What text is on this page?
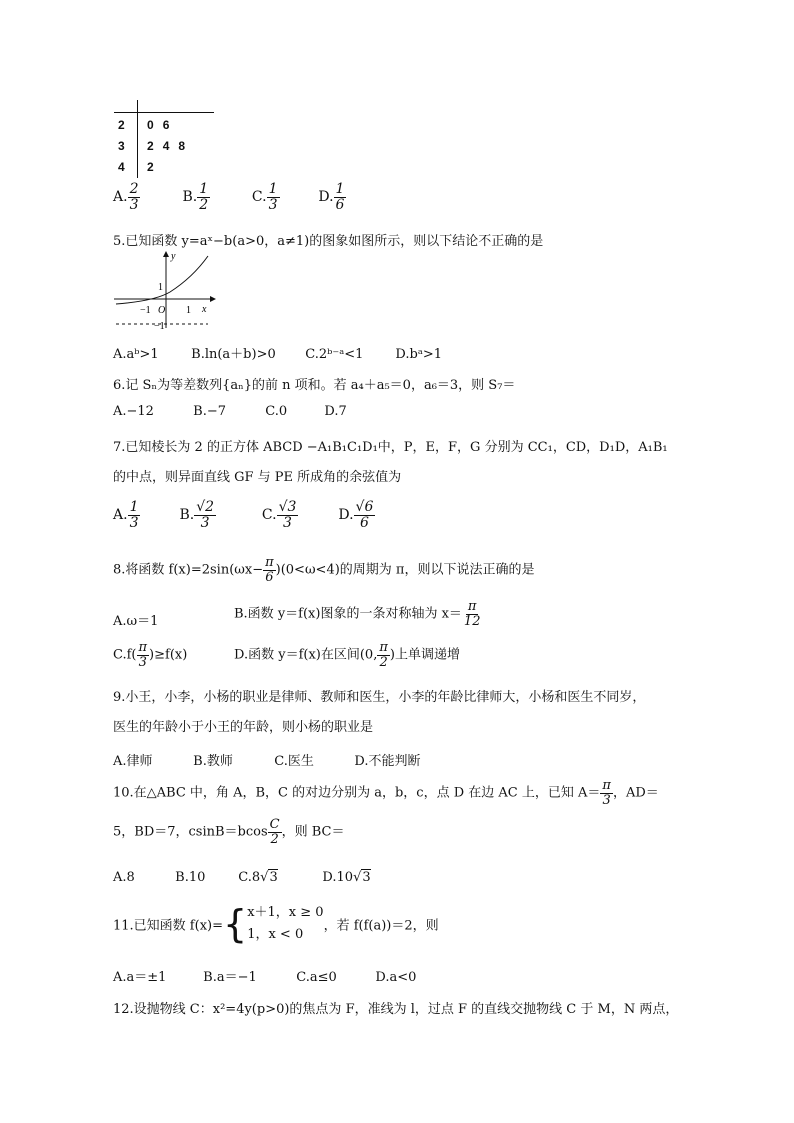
2	0	6	
3	2	4	8
4	2		
A. $\frac{2}{3}$	B. $\frac{1}{2}$	C. $\frac{1}{3}$	D. $\frac{1}{6}$
5.已知函数 y=aˣ−b(a>0，a≠1)的图象如图所示，则以下结论不正确的是
y
x
1
−1 O 1
−1
A.aᵇ>1	B.ln(a＋b)>0 C.2ᵇ⁻ᵃ<1 D.bᵃ>1
6.记 Sₙ为等差数列{aₙ}的前 n 项和。若 a₄＋a₅＝0，a₆＝3，则 S₇＝
A.−12	B.−7	C.0	D.7
7.已知棱长为 2 的正方体 ABCD −A₁B₁C₁D₁中，P，E，F，G 分别为 CC₁，CD，D₁D，A₁B₁
的中点，则异面直线 GF 与 PE 所成角的余弦值为
A. $\frac{1}{3}$	B. $\frac{√2}{3}$	C. $\frac{√3}{3}$	D. $\frac{√6}{6}$
8.将函数 $f(x)=2\sin(\omega x- \frac{\pi}{6} )(0<\omega<4)$的周期为 π，则以下说法正确的是
A.ω＝1	B.函数 y＝f(x)图象的一条对称轴为 $x= \frac{\pi}{12}$
$C.f( \frac{\pi}{3} )\ge f(x)$	D.函数 y＝f(x)在区间(0, $\frac{\pi}{2}$ )上单调递增
9.小王，小李，小杨的职业是律师、教师和医生，小李的年龄比律师大，小杨和医生不同岁，
医生的年龄小于小王的年龄，则小杨的职业是
A.律师	B.教师	C.医生	D.不能判断
10.在△ABC 中，角 A，B，C 的对边分别为 a，b，c，点 D 在边 AC 上，已知 $A= \frac{\pi}{3}$ ，AD＝
5，BD＝7，$csinB=bcos \frac{C}{2}$ ，则 BC＝
A.8	B.10	C.8√3	D.10√3
11.已知函数 f(x)={ x＋1，x ≥ 0
1，x < 0
，若 f(f(a))＝2，则
A.a＝±1	B.a＝−1	C.a≤0	D.a<0
12.设抛物线 C：x²=4y(p>0)的焦点为 F，准线为 l，过点 F 的直线交抛物线 C 于 M，N 两点，
